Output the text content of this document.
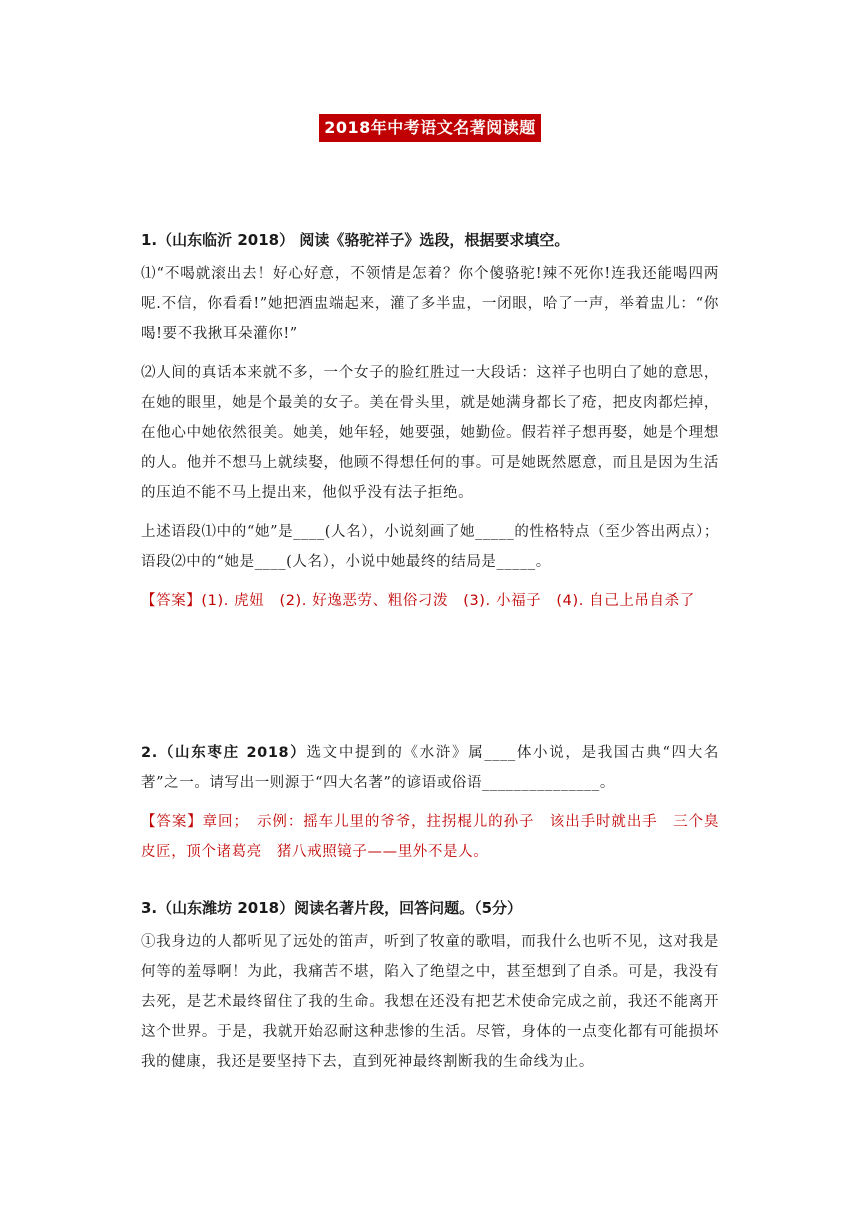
2018年中考语文名著阅读题

1.（山东临沂 2018） 阅读《骆驼祥子》选段，根据要求填空。

⑴“不喝就滚出去！好心好意，不领情是怎着？你个傻骆驼!辣不死你!连我还能喝四两呢.不信，你看看!”她把酒盅端起来，灌了多半盅，一闭眼，哈了一声，举着盅儿：“你喝!要不我揪耳朵灌你!”

⑵人间的真话本来就不多，一个女子的脸红胜过一大段话：这祥子也明白了她的意思，在她的眼里，她是个最美的女子。美在骨头里，就是她满身都长了疮，把皮肉都烂掉，在他心中她依然很美。她美，她年轻，她要强，她勤俭。假若祥子想再娶，她是个理想的人。他并不想马上就续娶，他顾不得想任何的事。可是她既然愿意，而且是因为生活的压迫不能不马上提出来，他似乎没有法子拒绝。

上述语段⑴中的“她”是____(人名），小说刻画了她_____的性格特点（至少答出两点）；语段⑵中的“她是____(人名），小说中她最终的结局是_____。

【答案】(1). 虎妞　(2). 好逸恶劳、粗俗刁泼　(3). 小福子　(4). 自己上吊自杀了

2.（山东枣庄 2018）选文中提到的《水浒》属____体小说，是我国古典“四大名著”之一。请写出一则源于“四大名著”的谚语或俗语_______________。

【答案】章回；　示例：摇车儿里的爷爷，拄拐棍儿的孙子　该出手时就出手　三个臭皮匠，顶个诸葛亮　猪八戒照镜子——里外不是人。

3.（山东潍坊 2018）阅读名著片段，回答问题。（5分）

①我身边的人都听见了远处的笛声，听到了牧童的歌唱，而我什么也听不见，这对我是何等的羞辱啊！为此，我痛苦不堪，陷入了绝望之中，甚至想到了自杀。可是，我没有去死，是艺术最终留住了我的生命。我想在还没有把艺术使命完成之前，我还不能离开这个世界。于是，我就开始忍耐这种悲惨的生活。尽管，身体的一点变化都有可能损坏我的健康，我还是要坚持下去，直到死神最终割断我的生命线为止。
